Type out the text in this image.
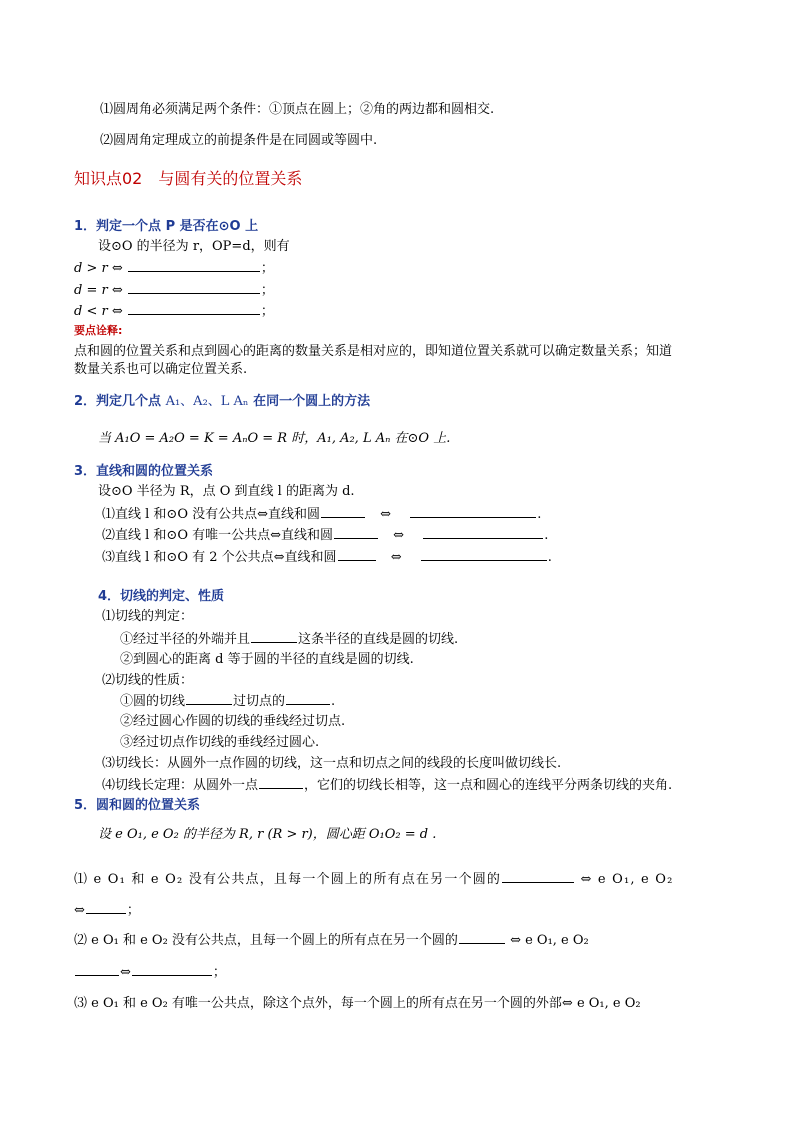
⑴圆周角必须满足两个条件：①顶点在圆上；②角的两边都和圆相交.
⑵圆周角定理成立的前提条件是在同圆或等圆中.
知识点02　与圆有关的位置关系
1．判定一个点 P 是否在⊙O 上
设⊙O 的半径为 r，OP=d，则有
d > r ⇔	；
d = r ⇔	；
d < r ⇔	；
要点诠释:
点和圆的位置关系和点到圆心的距离的数量关系是相对应的，即知道位置关系就可以确定数量关系；知道
数量关系也可以确定位置关系.
2．判定几个点 A₁、A₂、L Aₙ 在同一个圆上的方法
当 A₁O = A₂O = K = AₙO = R 时，A₁, A₂, L Aₙ 在⊙O 上.
3．直线和圆的位置关系
设⊙O 半径为 R，点 O 到直线 l 的距离为 d.
⑴直线 l 和⊙O 没有公共点⇔直线和圆	⇔	.
⑵直线 l 和⊙O 有唯一公共点⇔直线和圆	⇔	.
⑶直线 l 和⊙O 有 2 个公共点⇔直线和圆	⇔	.
4．切线的判定、性质
⑴切线的判定：
①经过半径的外端并且	这条半径的直线是圆的切线.
②到圆心的距离 d 等于圆的半径的直线是圆的切线.
⑵切线的性质：
①圆的切线	过切点的	.
②经过圆心作圆的切线的垂线经过切点.
③经过切点作切线的垂线经过圆心.
⑶切线长：从圆外一点作圆的切线，这一点和切点之间的线段的长度叫做切线长.
⑷切线长定理：从圆外一点	，它们的切线长相等，这一点和圆心的连线平分两条切线的夹角.
5．圆和圆的位置关系
设 e O₁, e O₂ 的半径为 R, r (R > r)，圆心距 O₁O₂ = d .
⑴ e O₁ 和 e O₂ 没有公共点，且每一个圆上的所有点在另一个圆的	⇔ e O₁, e O₂
⇔	；
⑵ e O₁ 和 e O₂ 没有公共点，且每一个圆上的所有点在另一个圆的	⇔ e O₁, e O₂
⇔	；
⑶ e O₁ 和 e O₂ 有唯一公共点，除这个点外，每一个圆上的所有点在另一个圆的外部⇔ e O₁, e O₂
